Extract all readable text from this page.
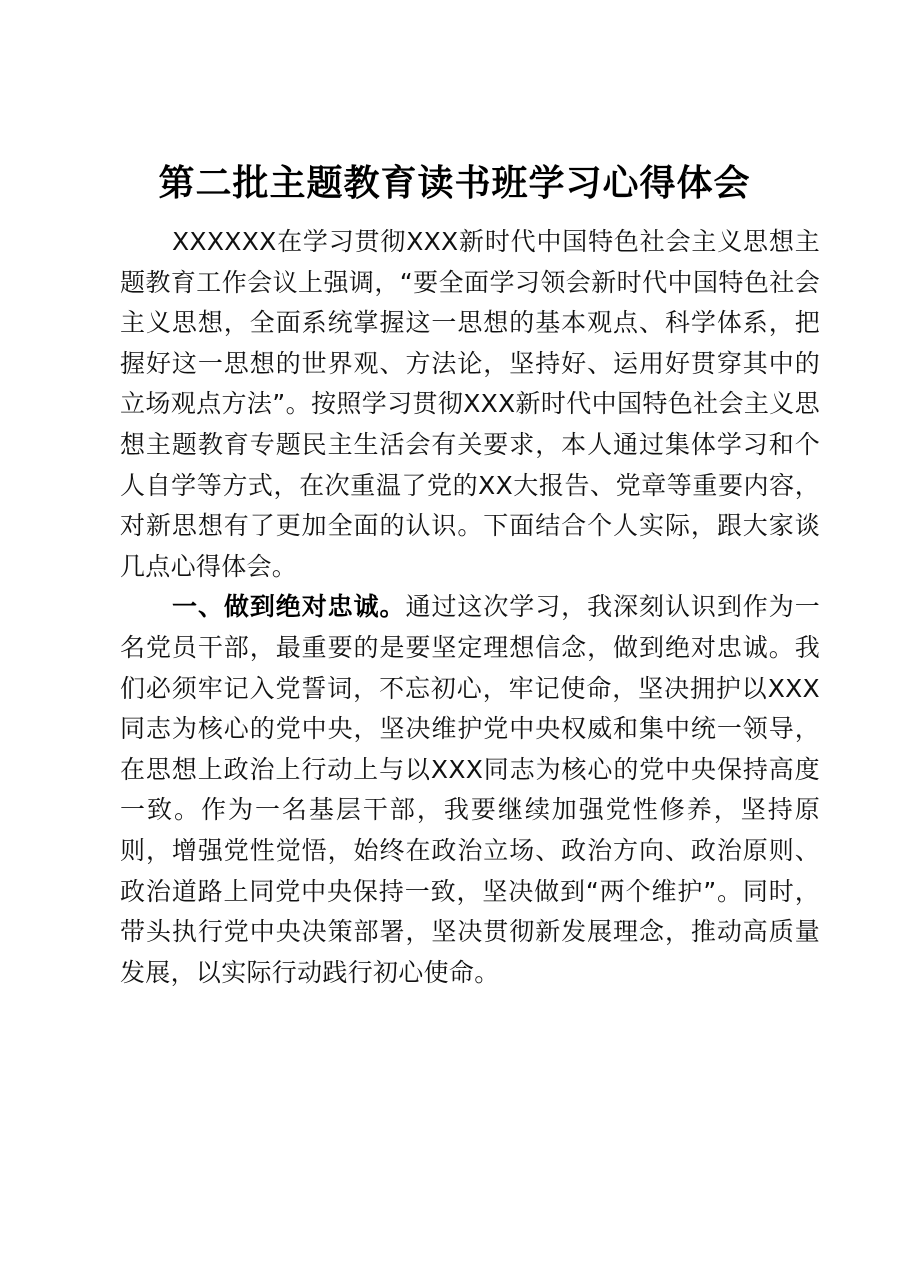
第二批主题教育读书班学习心得体会

XXXXXX在学习贯彻XXX新时代中国特色社会主义思想主题教育工作会议上强调，“要全面学习领会新时代中国特色社会主义思想，全面系统掌握这一思想的基本观点、科学体系，把握好这一思想的世界观、方法论，坚持好、运用好贯穿其中的立场观点方法”。按照学习贯彻XXX新时代中国特色社会主义思想主题教育专题民主生活会有关要求，本人通过集体学习和个人自学等方式，在次重温了党的XX大报告、党章等重要内容，对新思想有了更加全面的认识。下面结合个人实际，跟大家谈几点心得体会。

一、做到绝对忠诚。通过这次学习，我深刻认识到作为一名党员干部，最重要的是要坚定理想信念，做到绝对忠诚。我们必须牢记入党誓词，不忘初心，牢记使命，坚决拥护以XXX同志为核心的党中央，坚决维护党中央权威和集中统一领导，在思想上政治上行动上与以XXX同志为核心的党中央保持高度一致。作为一名基层干部，我要继续加强党性修养，坚持原则，增强党性觉悟，始终在政治立场、政治方向、政治原则、政治道路上同党中央保持一致，坚决做到“两个维护”。同时，带头执行党中央决策部署，坚决贯彻新发展理念，推动高质量发展，以实际行动践行初心使命。
